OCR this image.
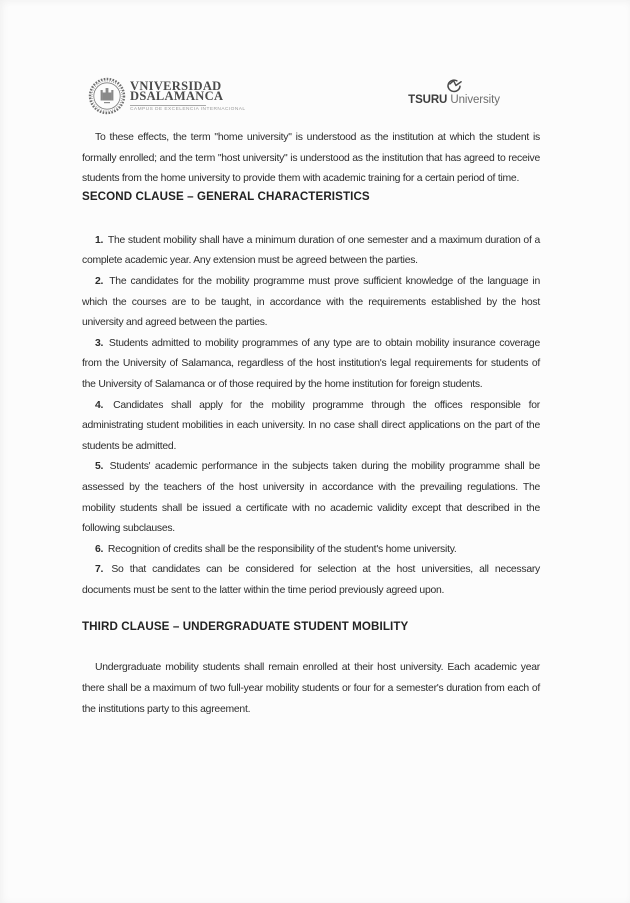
VNIVERSIDAD
DSALAMANCA
CAMPUS DE EXCELENCIA INTERNACIONAL
TSURU University

To these effects, the term "home university" is understood as the institution at which the student is formally enrolled; and the term "host university" is understood as the institution that has agreed to receive students from the home university to provide them with academic training for a certain period of time.

SECOND CLAUSE – GENERAL CHARACTERISTICS

1. The student mobility shall have a minimum duration of one semester and a maximum duration of a complete academic year. Any extension must be agreed between the parties.

2. The candidates for the mobility programme must prove sufficient knowledge of the language in which the courses are to be taught, in accordance with the requirements established by the host university and agreed between the parties.

3. Students admitted to mobility programmes of any type are to obtain mobility insurance coverage from the University of Salamanca, regardless of the host institution's legal requirements for students of the University of Salamanca or of those required by the home institution for foreign students.

4. Candidates shall apply for the mobility programme through the offices responsible for administrating student mobilities in each university. In no case shall direct applications on the part of the students be admitted.

5. Students' academic performance in the subjects taken during the mobility programme shall be assessed by the teachers of the host university in accordance with the prevailing regulations. The mobility students shall be issued a certificate with no academic validity except that described in the following subclauses.

6. Recognition of credits shall be the responsibility of the student's home university.

7. So that candidates can be considered for selection at the host universities, all necessary documents must be sent to the latter within the time period previously agreed upon.

THIRD CLAUSE – UNDERGRADUATE STUDENT MOBILITY

Undergraduate mobility students shall remain enrolled at their host university. Each academic year there shall be a maximum of two full-year mobility students or four for a semester's duration from each of the institutions party to this agreement.
